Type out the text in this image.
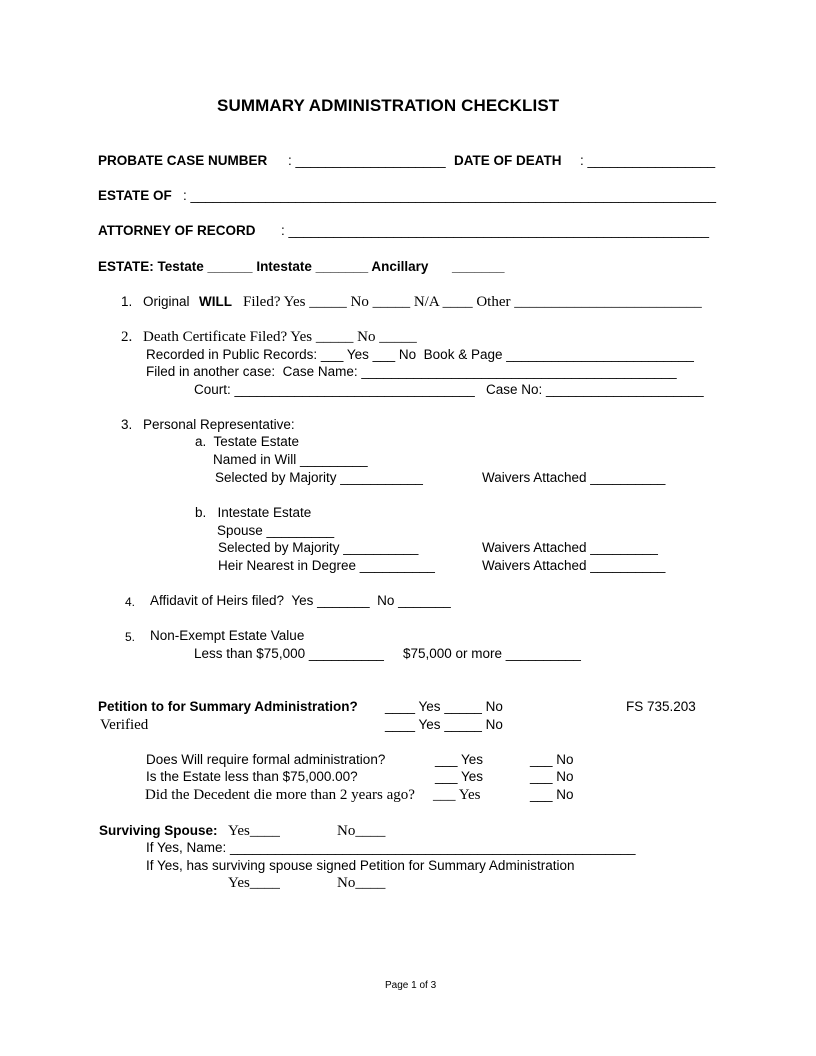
SUMMARY ADMINISTRATION CHECKLIST
PROBATE CASE NUMBER : ____________________ DATE OF DEATH : _________________
ESTATE OF : ______________________________________________________________________
ATTORNEY OF RECORD : ________________________________________________________
ESTATE: Testate ______ Intestate _______ Ancillary _______
1. Original WILL Filed? Yes _____ No _____ N/A ____ Other _________________________
2. Death Certificate Filed? Yes _____ No _____
Recorded in Public Records: ___ Yes ___ No  Book & Page _________________________
Filed in another case:  Case Name: __________________________________________
Court: ________________________________ Case No: _____________________
3. Personal Representative:
a.  Testate Estate
Named in Will _________
Selected by Majority ___________	Waivers Attached __________
b.   Intestate Estate
Spouse _________
Selected by Majority __________	Waivers Attached _________
Heir Nearest in Degree __________	Waivers Attached __________
4. Affidavit of Heirs filed?  Yes _______  No _______
5. Non-Exempt Estate Value
Less than $75,000 __________ $75,000 or more __________
Petition to for Summary Administration? ____ Yes _____ No	FS 735.203
Verified	____ Yes _____ No
Does Will require formal administration?	___ Yes	___ No
Is the Estate less than $75,000.00?	___ Yes	___ No
Did the Decedent die more than 2 years ago? ___ Yes	___ No
Surviving Spouse: Yes____	No____
If Yes, Name: ______________________________________________________
If Yes, has surviving spouse signed Petition for Summary Administration
Yes____	No____
Page 1 of 3
